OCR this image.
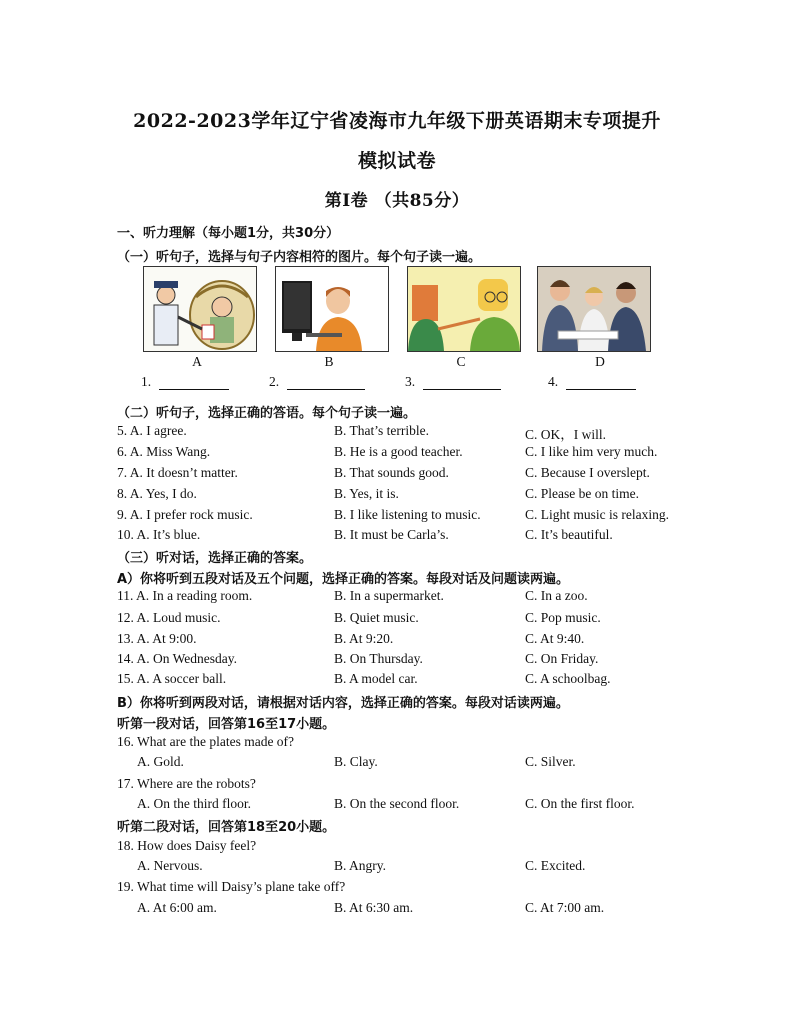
2022-2023学年辽宁省凌海市九年级下册英语期末专项提升
模拟试卷
第Ⅰ卷 （共85分）
一、听力理解（每小题1分，共30分）
（一）听句子，选择与句子内容相符的图片。每个句子读一遍。
A	B	C	D
1.	2.	3.	4.
（二）听句子，选择正确的答语。每个句子读一遍。
5. A. I agree.	B. That’s terrible.	C. OK，I will.
6. A. Miss Wang.	B. He is a good teacher.	C. I like him very much.
7. A. It doesn’t matter.	B. That sounds good.	C. Because I overslept.
8. A. Yes, I do.	B. Yes, it is.	C. Please be on time.
9. A. I prefer rock music.	B. I like listening to music.	C. Light music is relaxing.
10. A. It’s blue.	B. It must be Carla’s.	C. It’s beautiful.
（三）听对话，选择正确的答案。
A）你将听到五段对话及五个问题，选择正确的答案。每段对话及问题读两遍。
11. A. In a reading room.	B. In a supermarket.	C. In a zoo.
12. A. Loud music.	B. Quiet music.	C. Pop music.
13. A. At 9:00.	B. At 9:20.	C. At 9:40.
14. A. On Wednesday.	B. On Thursday.	C. On Friday.
15. A. A soccer ball.	B. A model car.	C. A schoolbag.
B）你将听到两段对话，请根据对话内容，选择正确的答案。每段对话读两遍。
听第一段对话，回答第16至17小题。
16. What are the plates made of?
A. Gold.	B. Clay.	C. Silver.
17. Where are the robots?
A. On the third floor.	B. On the second floor.	C. On the first floor.
听第二段对话，回答第18至20小题。
18. How does Daisy feel?
A. Nervous.	B. Angry.	C. Excited.
19. What time will Daisy’s plane take off?
A. At 6:00 am.	B. At 6:30 am.	C. At 7:00 am.
